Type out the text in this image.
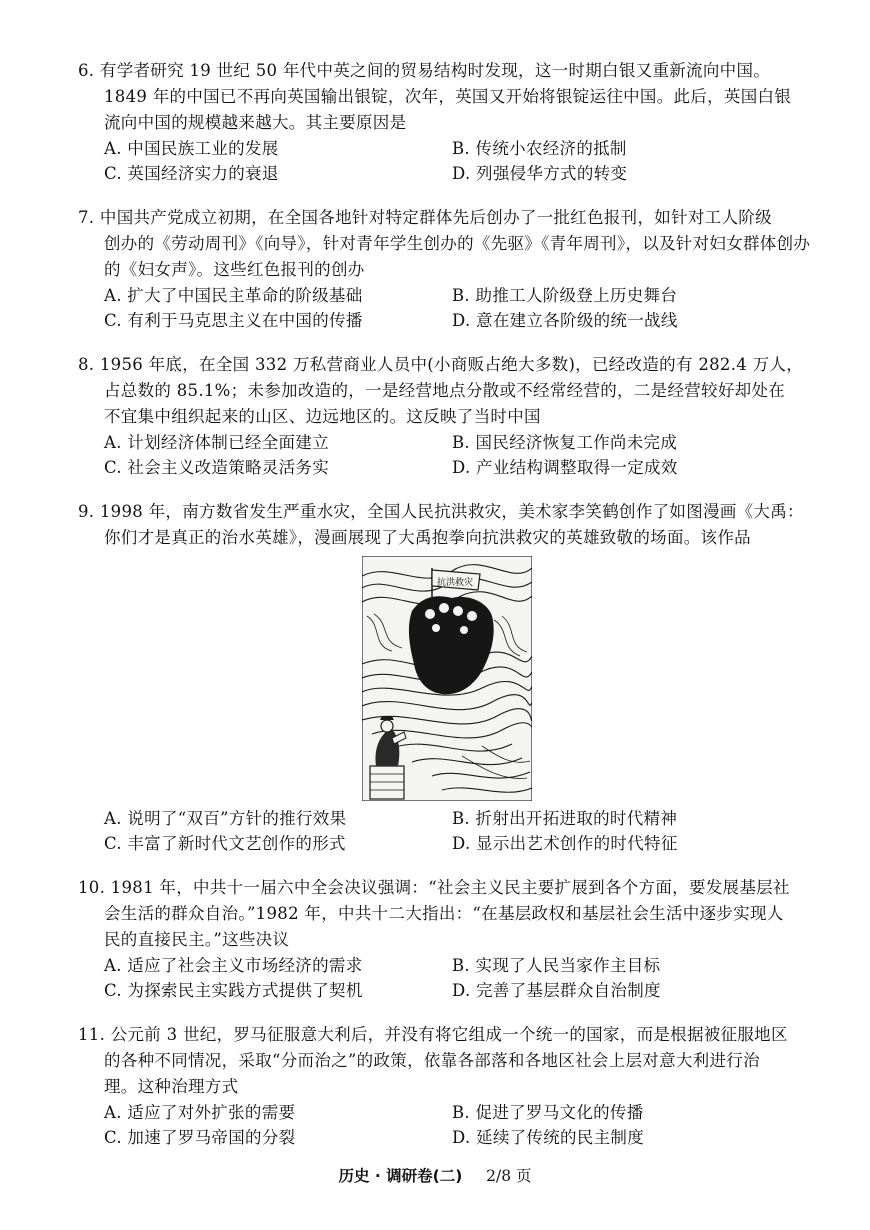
6. 有学者研究 19 世纪 50 年代中英之间的贸易结构时发现，这一时期白银又重新流向中国。
1849 年的中国已不再向英国输出银锭，次年，英国又开始将银锭运往中国。此后，英国白银
流向中国的规模越来越大。其主要原因是
A. 中国民族工业的发展	B. 传统小农经济的抵制
C. 英国经济实力的衰退	D. 列强侵华方式的转变
7. 中国共产党成立初期，在全国各地针对特定群体先后创办了一批红色报刊，如针对工人阶级
创办的《劳动周刊》《向导》，针对青年学生创办的《先驱》《青年周刊》，以及针对妇女群体创办
的《妇女声》。这些红色报刊的创办
A. 扩大了中国民主革命的阶级基础	B. 助推工人阶级登上历史舞台
C. 有利于马克思主义在中国的传播	D. 意在建立各阶级的统一战线
8. 1956 年底，在全国 332 万私营商业人员中(小商贩占绝大多数)，已经改造的有 282.4 万人，
占总数的 85.1%；未参加改造的，一是经营地点分散或不经常经营的，二是经营较好却处在
不宜集中组织起来的山区、边远地区的。这反映了当时中国
A. 计划经济体制已经全面建立	B. 国民经济恢复工作尚未完成
C. 社会主义改造策略灵活务实	D. 产业结构调整取得一定成效
9. 1998 年，南方数省发生严重水灾，全国人民抗洪救灾，美术家李笑鹤创作了如图漫画《大禹：
你们才是真正的治水英雄》，漫画展现了大禹抱拳向抗洪救灾的英雄致敬的场面。该作品
抗洪救灾
A. 说明了“双百”方针的推行效果	B. 折射出开拓进取的时代精神
C. 丰富了新时代文艺创作的形式	D. 显示出艺术创作的时代特征
10. 1981 年，中共十一届六中全会决议强调：“社会主义民主要扩展到各个方面，要发展基层社
会生活的群众自治。”1982 年，中共十二大指出：“在基层政权和基层社会生活中逐步实现人
民的直接民主。”这些决议
A. 适应了社会主义市场经济的需求	B. 实现了人民当家作主目标
C. 为探索民主实践方式提供了契机	D. 完善了基层群众自治制度
11. 公元前 3 世纪，罗马征服意大利后，并没有将它组成一个统一的国家，而是根据被征服地区
的各种不同情况，采取“分而治之”的政策，依靠各部落和各地区社会上层对意大利进行治
理。这种治理方式
A. 适应了对外扩张的需要	B. 促进了罗马文化的传播
C. 加速了罗马帝国的分裂	D. 延续了传统的民主制度
历史 · 调研卷(二) 2/8 页
